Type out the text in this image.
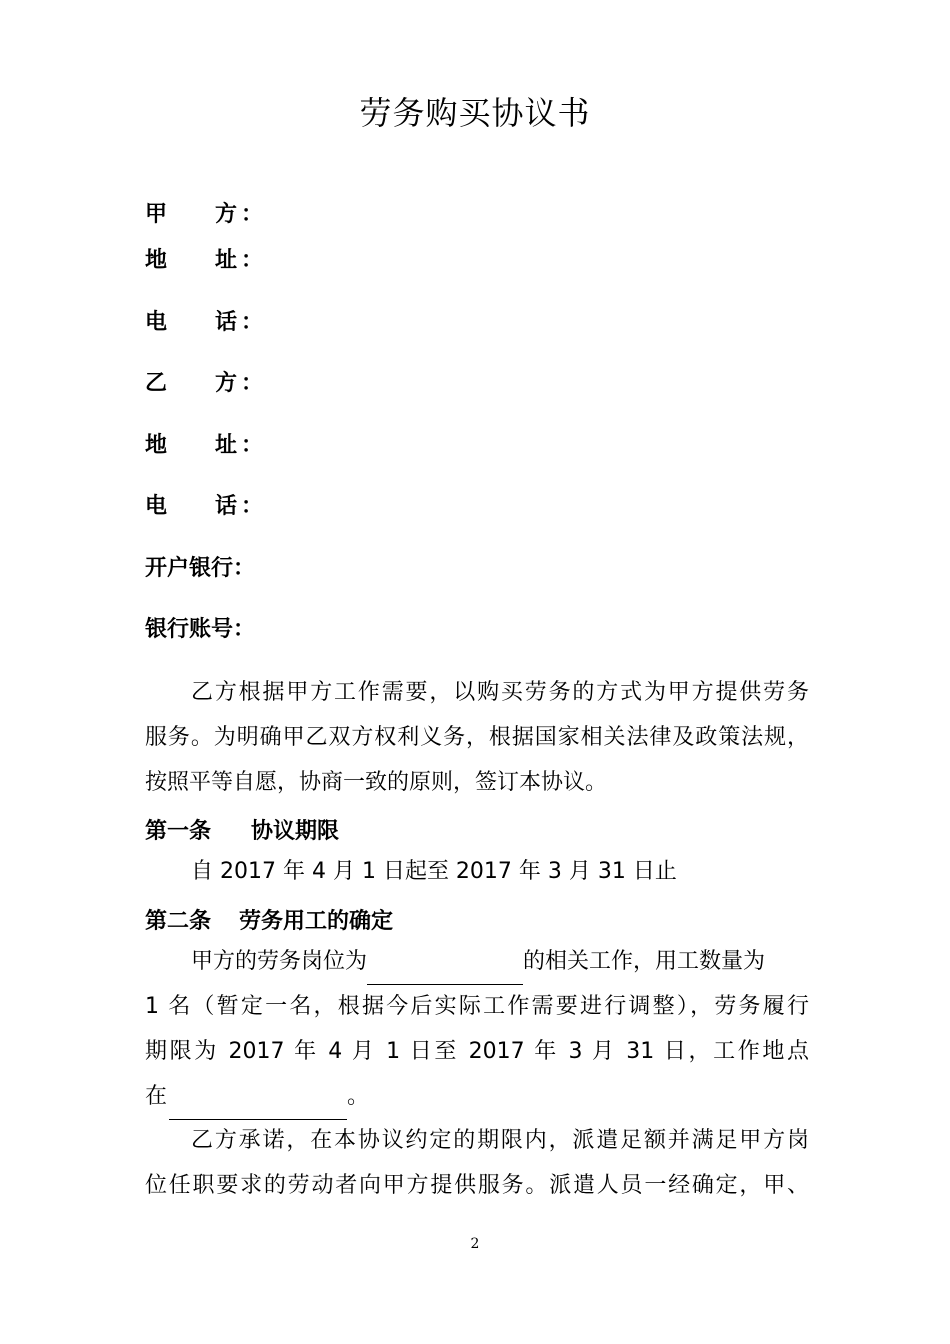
劳务购买协议书
甲 方 ：
地 址 ：
电 话 ：
乙 方 ：
地 址 ：
电 话 ：
开户银行：
银行账号：
乙方根据甲方工作需要，以购买劳务的方式为甲方提供劳务
服务。为明确甲乙双方权利义务，根据国家相关法律及政策法规，
按照平等自愿，协商一致的原则，签订本协议。
第一条 协议期限
自 2017 年 4 月 1 日起至 2017 年 3 月 31 日止
第二条 劳务用工的确定
甲方的劳务岗位为	的相关工作，用工数量为
1 名（暂定一名，根据今后实际工作需要进行调整），劳务履行
期限为 2017 年 4 月 1 日至 2017 年 3 月 31 日，工作地点
在	。
乙方承诺，在本协议约定的期限内，派遣足额并满足甲方岗
位任职要求的劳动者向甲方提供服务。派遣人员一经确定，甲、
2
